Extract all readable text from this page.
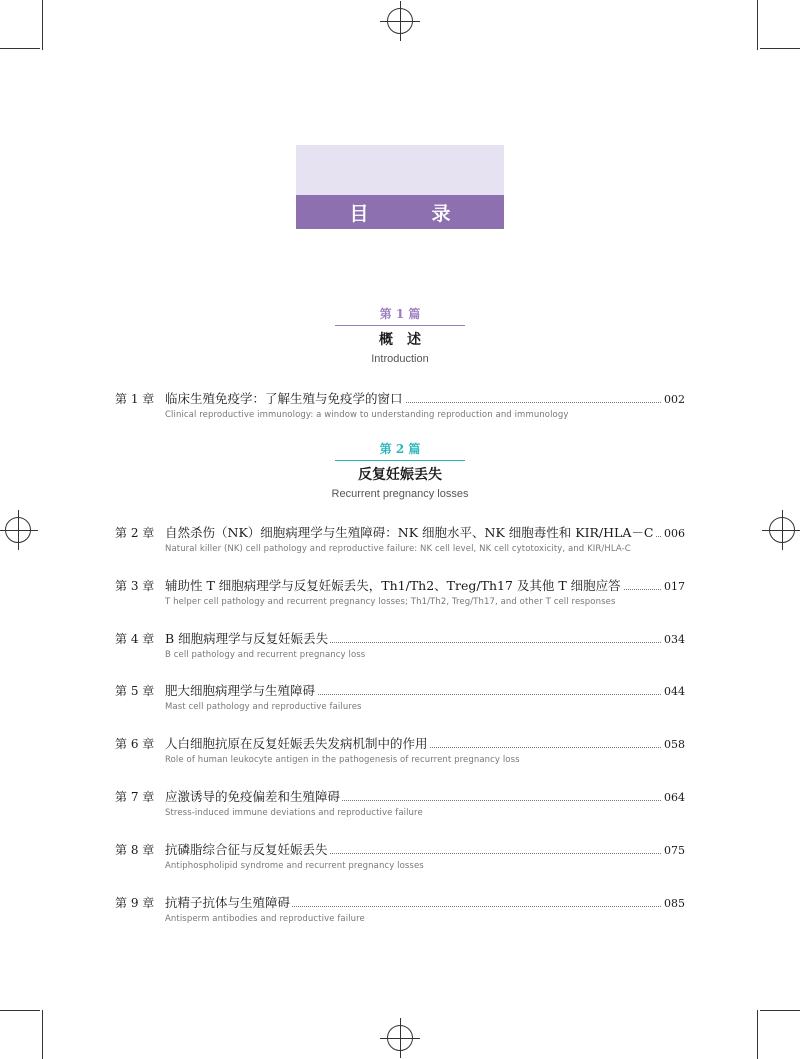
目　录
第 1 篇
概　述
Introduction
第 2 篇
反复妊娠丢失
Recurrent pregnancy losses
第 1 章 临床生殖免疫学：了解生殖与免疫学的窗口	002
Clinical reproductive immunology: a window to understanding reproduction and immunology
第 2 章 自然杀伤（NK）细胞病理学与生殖障碍：NK 细胞水平、NK 细胞毒性和 KIR/HLA－C 006
Natural killer (NK) cell pathology and reproductive failure: NK cell level, NK cell cytotoxicity, and KIR/HLA-C
第 3 章 辅助性 T 细胞病理学与反复妊娠丢失，Th1/Th2、Treg/Th17 及其他 T 细胞应答	017
T helper cell pathology and recurrent pregnancy losses; Th1/Th2, Treg/Th17, and other T cell responses
第 4 章 B 细胞病理学与反复妊娠丢失	034
B cell pathology and recurrent pregnancy loss
第 5 章 肥大细胞病理学与生殖障碍	044
Mast cell pathology and reproductive failures
第 6 章 人白细胞抗原在反复妊娠丢失发病机制中的作用	058
Role of human leukocyte antigen in the pathogenesis of recurrent pregnancy loss
第 7 章 应激诱导的免疫偏差和生殖障碍	064
Stress-induced immune deviations and reproductive failure
第 8 章 抗磷脂综合征与反复妊娠丢失	075
Antiphospholipid syndrome and recurrent pregnancy losses
第 9 章 抗精子抗体与生殖障碍	085
Antisperm antibodies and reproductive failure
